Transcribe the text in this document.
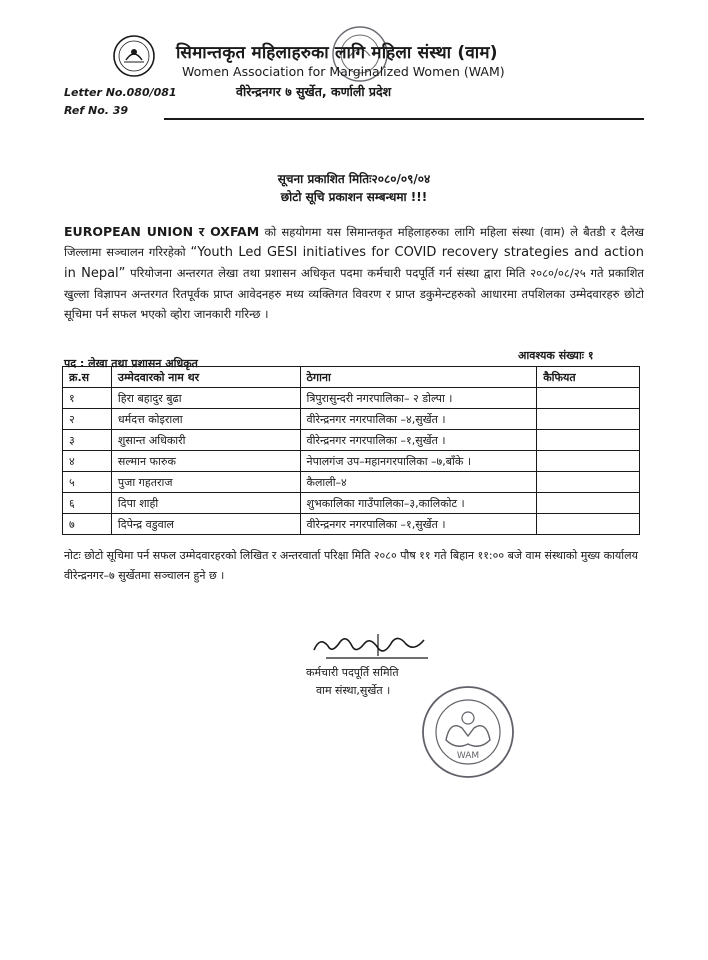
सिमान्तकृत महिलाहरुका लागि महिला संस्था (वाम)
Women Association for Marginalized Women (WAM)
वीरेन्द्रनगर ७ सुर्खेत, कर्णाली प्रदेश
Letter No.080/081
Ref No. 39
सूचना प्रकाशित मितिः२०८०/०९/०४
छोटो सूचि प्रकाशन सम्बन्धमा !!!
EUROPEAN UNION र OXFAM को सहयोगमा यस सिमान्तकृत महिलाहरुका लागि महिला संस्था (वाम) ले बैतडी र दैलेख जिल्लामा सञ्चालन गरिरहेको “Youth Led GESI initiatives for COVID recovery strategies and action in Nepal” परियोजना अन्तरगत लेखा तथा प्रशासन अधिकृत पदमा कर्मचारी पदपूर्ति गर्न संस्था द्वारा मिति २०८०/०८/२५ गते प्रकाशित खुल्ला विज्ञापन अन्तरगत रितपूर्वक प्राप्त आवेदनहरु मध्य व्यक्तिगत विवरण र प्राप्त डकुमेन्टहरुको आधारमा तपशिलका उम्मेदवारहरु छोटो सूचिमा पर्न सफल भएको व्होरा जानकारी गरिन्छ ।
पद : लेखा तथा प्रशासन अधिकृत
आवश्यक संख्याः १
क्र.स	उम्मेदवारको नाम थर	ठेगाना	कैफियत
१	हिरा बहादुर बुढा	त्रिपुरासुन्दरी नगरपालिका– २ डोल्पा ।	
२	धर्मदत्त कोइराला	वीरेन्द्रनगर नगरपालिका –४,सुर्खेत ।	
३	शुसान्त अधिकारी	वीरेन्द्रनगर नगरपालिका –१,सुर्खेत ।	
४	सल्मान फारुक	नेपालगंज उप–महानगरपालिका –७,बाँके ।	
५	पुजा गहतराज	कैलाली–४	
६	दिपा शाही	शुभकालिका गाउँपालिका–३,कालिकोट ।	
७	दिपेन्द्र वडुवाल	वीरेन्द्रनगर नगरपालिका –१,सुर्खेत ।	
नोटः छोटो सूचिमा पर्न सफल उम्मेदवारहरको लिखित र अन्तरवार्ता परिक्षा मिति २०८० पौष ११ गते बिहान ११:०० बजे वाम संस्थाको मुख्य कार्यालय वीरेन्द्रनगर–७ सुर्खेतमा सञ्चालन हुने छ ।
कर्मचारी पदपूर्ति समिति
वाम संस्था,सुर्खेत ।
WAM
